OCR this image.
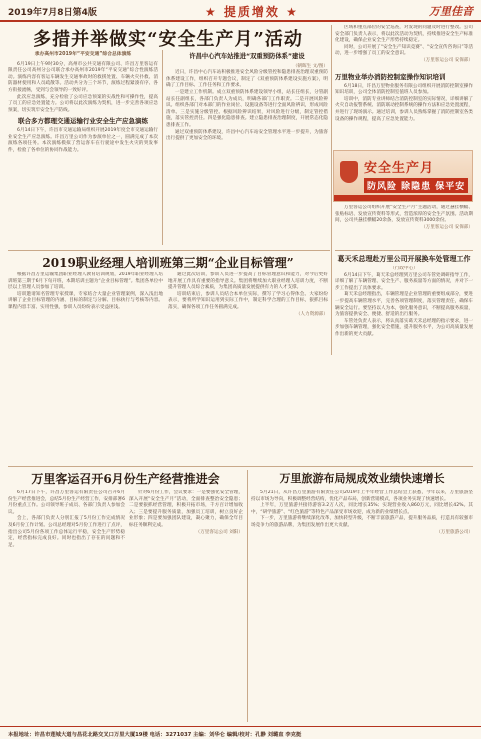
2019年7月8日第4版	★ 提质增效 ★	万里佳音
多措并举做实“安全生产月”活动
承办高州市2019年“平安交通”综合总体演练

6月19日上午9时30分，高州市公共交通有限公司、许昌万里客运有限责任公司高州分公司联合承办高州市2019年“平安交通”综合性演练活动。演练内容有客运车辆发生交通事故时的救援处置、车辆火灾扑救、消防器材使用和人员疏散等。活动共分为三个环节，演练过程紧凑有序、各方衔接流畅，受到与会领导的一致好评。

此次应急演练，充分检验了公司应急预案的实战性和可操作性，提高了员工的应急处置能力。公司将以此次演练为契机，进一步完善各项应急预案，切实筑牢安全生产防线。

联合多方都理交通运输行业安全生产应急演练

6月14日下午，许昌市交通运输局组织开展2019年度全市交通运输行业安全生产应急演练。许昌万里公司作为参演单位之一，圆满完成了本次演练各项任务。本次演练模拟了营运客车在行驶途中发生火灾的突发事件，检验了各单位的协同作战能力。

许昌中心汽车站推进“双重预防体系”建设
（朝晖生 文/图）

近日，许昌中心汽车站积极推进安全风险分级管控和隐患排查治理双重预防体系建设工作，组织召开专题会议，制定了《双重预防体系建设实施方案》，明确了工作目标、工作任务和工作要求。

一是建立工作机制。成立双重预防体系建设领导小组，站长任组长，分管副站长任副组长，各部门负责人为成员，明确各部门工作职责。二是开展风险辨识。组织各部门对本部门的作业岗位、设施设备等进行全面风险辨识，形成风险清单。三是实施分级管控。根据风险辨识结果，对风险进行分级，制定管控措施，落实管控责任。四是强化隐患排查。建立隐患排查治理制度，开展常态化隐患排查工作。

通过双重预防体系建设，许昌中心汽车站安全管理水平进一步提升，为旅客出行提供了更加安全的环境。

区域和重点部位的安全巡查，对发现的问题及时进行整改。公司安全部门负责人表示，将以此次活动为契机，持续推进安全生产标准化建设，确保企业安全生产形势持续稳定。

同时，公司开展了“安全生产知识竞赛”、“安全宣传咨询日”等活动，进一步增强了员工的安全意识。

（万里客运公司 安保部）
万里物业举办消防控制室操作知识培训

6月18日，许昌万里物业服务有限公司组织开展消防控制室操作知识培训，公司全体消防控制室值班人员参加。

培训中，消防专业讲师结合消防控制室的实际情况，详细讲解了火灾自动报警系统、消防联动控制系统的操作方法和应急处置流程，并进行了现场演示。通过培训，参训人员熟练掌握了消防控制室各类设备的操作规程，提高了应急处置能力。

安全生产月
防风险 除隐患 保平安

万里客运公司组织开展“安全生产月”主题活动，通过悬挂横幅、张贴标语、发放宣传资料等形式，营造浓厚的安全生产氛围。活动期间，公司共悬挂横幅20余条，发放宣传资料3000余份。

（万里客运公司 安保部）
2019职业经理人培训班第三期“企业目标管理”

根据许昌万里运输集团职业经理人教育培训规划，2019年职业经理人培训班第三期于6月下旬开班，本期培训主题为“企业目标管理”。集团各单位中层以上管理人员参加了培训。

培训邀请知名管理专家授课，专家结合大量企业管理案例，深入浅出地讲解了企业目标管理的内涵、目标的制定与分解、目标执行与考核等内容。课程内容丰富、实用性强，参训人员纷纷表示受益匪浅。

通过此次培训，参训人员进一步提高了目标管理意识和能力，对今后更好地开展工作具有重要的指导意义。集团将继续加大职业经理人培训力度，不断提升管理人员综合素质，为集团高质量发展提供有力的人才支撑。

培训结束后，参训人员结合本单位实际，撰写了学习心得体会。大家纷纷表示，要将所学知识运用到实际工作中，制定科学合理的工作目标，狠抓目标落实，确保各项工作任务圆满完成。

（人力资源部）
葛天禾总理赴万里公司开展换车处管理工作
（行政中心）

6月14日下午，葛天禾总经理到万里公司车管处调研指导工作，详细了解了车辆管理、安全生产、服务质量等方面的情况，并对下一步工作提出了具体要求。

葛天禾总经理指出，车辆管理是企业管理的重要组成部分，要进一步提高车辆管理水平，完善各项管理制度，落实管理责任，确保车辆安全运行。要坚持以人为本，强化服务意识，不断提高服务质量，为旅客提供安全、便捷、舒适的出行服务。

车管处负责人表示，将认真落实葛天禾总经理的指示要求，进一步加强车辆管理，强化安全措施，提升服务水平，为公司高质量发展作出新的更大贡献。

万里客运召开6月份生产经营推进会

6月17日下午，许昌万里客运有限责任公司召开6月份生产经营推进会，总结5月份生产经营工作，安排部署6月份重点工作。公司领导班子成员、各部门负责人参加会议。

会上，各部门负责人分别汇报了5月份工作完成情况及6月份工作计划。公司总经理对5月份工作进行了点评，指出公司5月份各项工作总体运行平稳，安全生产形势稳定，经营指标完成良好。同时也指出了存在的问题和不足。

针对6月份工作，会议要求：一是要强化安全管理，深入开展“安全生产月”活动，全面排查整治安全隐患；二是要狠抓经营管理，积极开拓市场，千方百计增加收入；三是要提升服务质量，加强员工培训，树立良好企业形象；四是要加强团队建设，凝心聚力，确保全年目标任务顺利完成。

（万里客运公司 刘阳）
万里旅游布局规成效业绩快速增长

5月21日，从许昌万里旅游有限责任公司2019年上半年经营工作总结会上获悉，今年以来，万里旅游坚持以市场为导向，积极调整经营结构，优化产品布局，创新营销模式，各项业务实现了快速增长。

上半年，万里旅游共接待游客3.2万人次，同比增长35%；实现营业收入860万元，同比增长42%。其中，“研学旅游”、“红色旅游”等特色产品深受市场欢迎，成为新的业绩增长点。

下一步，万里旅游将继续深化改革，加快转型升级，不断丰富旅游产品，提升服务品质，打造具有较强市场竞争力的旅游品牌，为集团发展作出更大贡献。

（万里旅游公司）
本报地址：许昌市莲城大道与昌花北路交叉口万里大厦19楼 电话：3271037 主编：刘华仑 编辑/校对：孔静 刘璐直 李克挺
